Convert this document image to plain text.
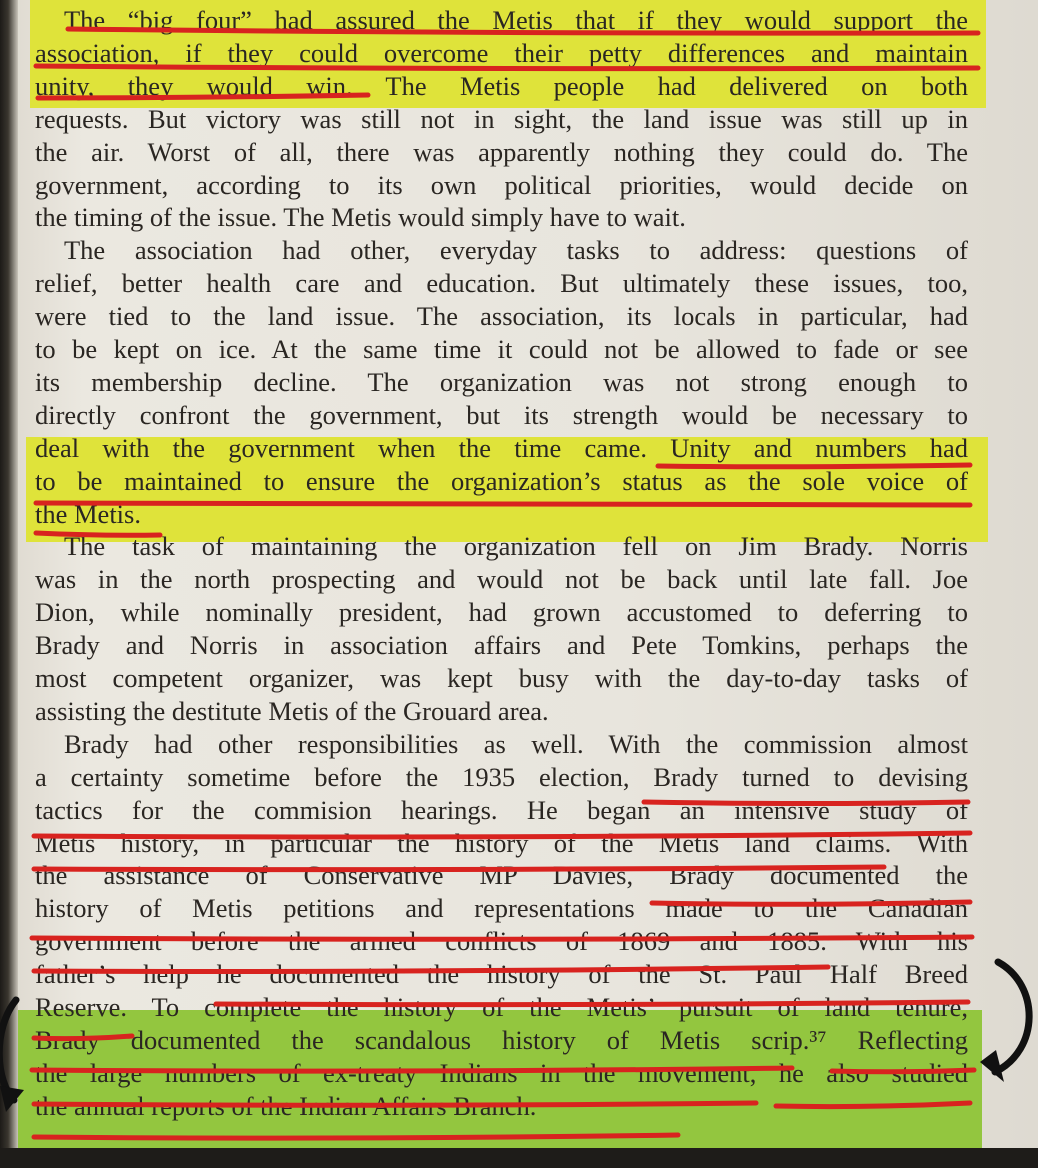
The “big four” had assured the Metis that if they would support the
association, if they could overcome their petty differences and maintain
unity, they would win. The Metis people had delivered on both
requests. But victory was still not in sight, the land issue was still up in
the air. Worst of all, there was apparently nothing they could do. The
government, according to its own political priorities, would decide on
the timing of the issue. The Metis would simply have to wait.
The association had other, everyday tasks to address: questions of
relief, better health care and education. But ultimately these issues, too,
were tied to the land issue. The association, its locals in particular, had
to be kept on ice. At the same time it could not be allowed to fade or see
its membership decline. The organization was not strong enough to
directly confront the government, but its strength would be necessary to
deal with the government when the time came. Unity and numbers had
to be maintained to ensure the organization’s status as the sole voice of
the Metis.
The task of maintaining the organization fell on Jim Brady. Norris
was in the north prospecting and would not be back until late fall. Joe
Dion, while nominally president, had grown accustomed to deferring to
Brady and Norris in association affairs and Pete Tomkins, perhaps the
most competent organizer, was kept busy with the day-to-day tasks of
assisting the destitute Metis of the Grouard area.
Brady had other responsibilities as well. With the commission almost
a certainty sometime before the 1935 election, Brady turned to devising
tactics for the commision hearings. He began an intensive study of
Metis history, in particular the history of the Metis land claims. With
the assistance of Conservative MP Davies, Brady documented the
history of Metis petitions and representations made to the Canadian
government before the armed conflicts of 1869 and 1885. With his
father’s help he documented the history of the St. Paul Half Breed
Reserve. To complete the history of the Metis’ pursuit of land tenure,
Brady documented the scandalous history of Metis scrip.³⁷ Reflecting
the large numbers of ex-treaty Indians in the movement, he also studied
the annual reports of the Indian Affairs Branch.
